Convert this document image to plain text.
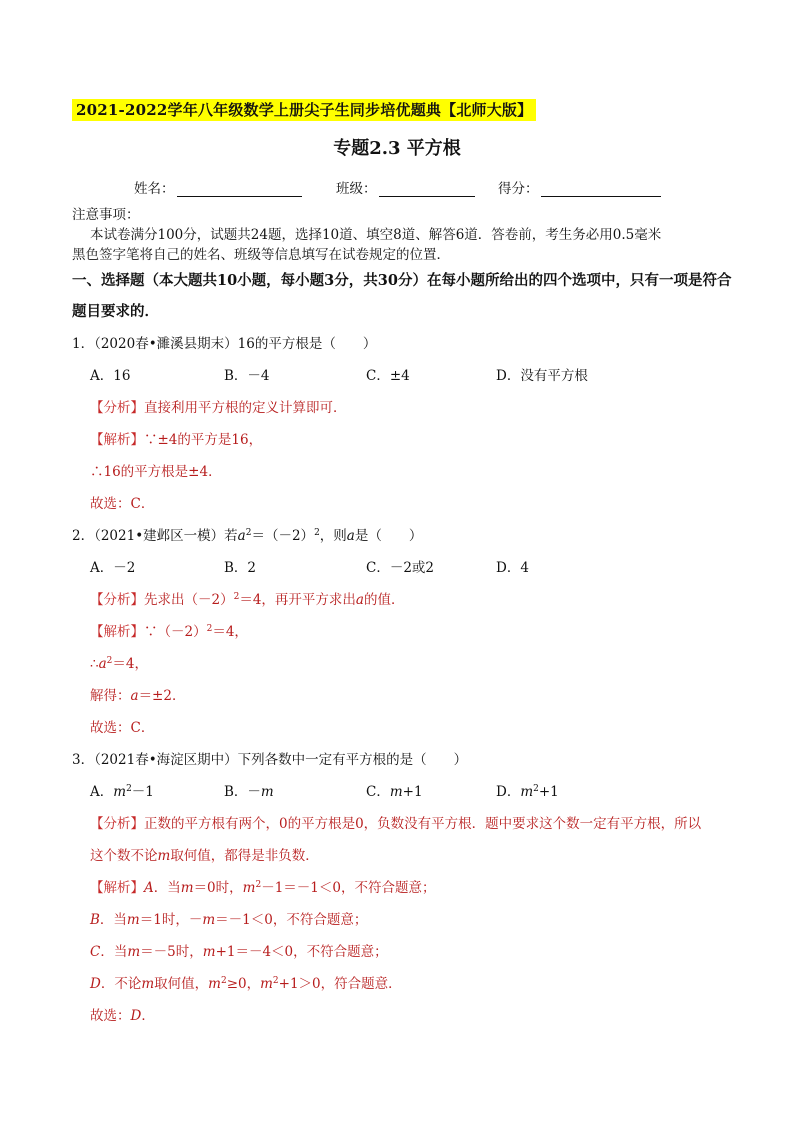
2021-2022学年八年级数学上册尖子生同步培优题典【北师大版】
专题2.3 平方根
姓名：	班级：	得分：
注意事项：
本试卷满分100分，试题共24题，选择10道、填空8道、解答6道．答卷前，考生务必用0.5毫米
黑色签字笔将自己的姓名、班级等信息填写在试卷规定的位置．
一、选择题（本大题共10小题，每小题3分，共30分）在每小题所给出的四个选项中，只有一项是符合
题目要求的．
1．（2020春•濉溪县期末）16的平方根是（　　）
A．16	B．－4	C．±4	D．没有平方根
【分析】直接利用平方根的定义计算即可．
【解析】∵±4的平方是16，
∴16的平方根是±4．
故选：C．
2．（2021•建邺区一模）若$a^2=(-2)^2$，则a是（　　）
A．－2	B．2	C．－2或2	D．4
【分析】先求出$(-2)^2=4$，再开平方求出a的值．
【解析】$\because(-2)^2=4$，
$\therefore a^2=4$，
解得：a＝±2．
故选：C．
3．（2021春•海淀区期中）下列各数中一定有平方根的是（　　）
A．$m^2-1$	B．－m	C．m+1	D．$m^2+1$
【分析】正数的平方根有两个，0的平方根是0，负数没有平方根．题中要求这个数一定有平方根，所以
这个数不论m取何值，都得是非负数．
【解析】A．当m＝0时，$m^2-1=-1<0$，不符合题意；
B．当m＝1时，－m＝－1＜0，不符合题意；
C．当m＝－5时，m+1＝－4＜0，不符合题意；
D．不论m取何值，$m^2\ge 0$，$m^2+1>0$，符合题意．
故选：D．
